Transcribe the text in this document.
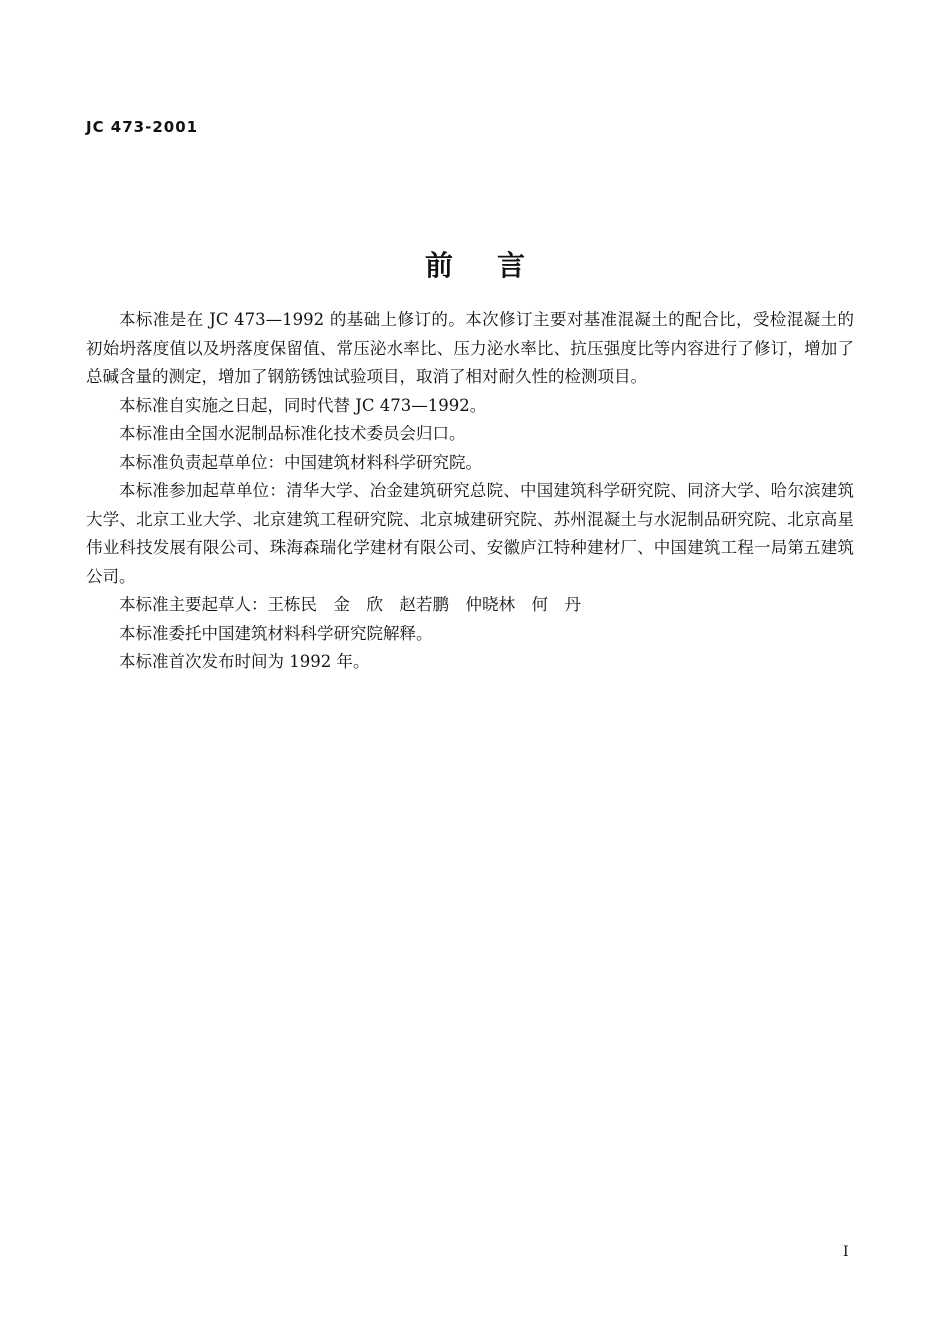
JC 473-2001
前言

本标准是在 JC 473—1992 的基础上修订的。本次修订主要对基准混凝土的配合比，受检混凝土的初始坍落度值以及坍落度保留值、常压泌水率比、压力泌水率比、抗压强度比等内容进行了修订，增加了总碱含量的测定，增加了钢筋锈蚀试验项目，取消了相对耐久性的检测项目。

本标准自实施之日起，同时代替 JC 473—1992。

本标准由全国水泥制品标准化技术委员会归口。

本标准负责起草单位：中国建筑材料科学研究院。

本标准参加起草单位：清华大学、冶金建筑研究总院、中国建筑科学研究院、同济大学、哈尔滨建筑大学、北京工业大学、北京建筑工程研究院、北京城建研究院、苏州混凝土与水泥制品研究院、北京高星伟业科技发展有限公司、珠海森瑞化学建材有限公司、安徽庐江特种建材厂、中国建筑工程一局第五建筑公司。

本标准主要起草人：王栋民　金　欣　赵若鹏　仲晓林　何　丹

本标准委托中国建筑材料科学研究院解释。

本标准首次发布时间为 1992 年。

I
